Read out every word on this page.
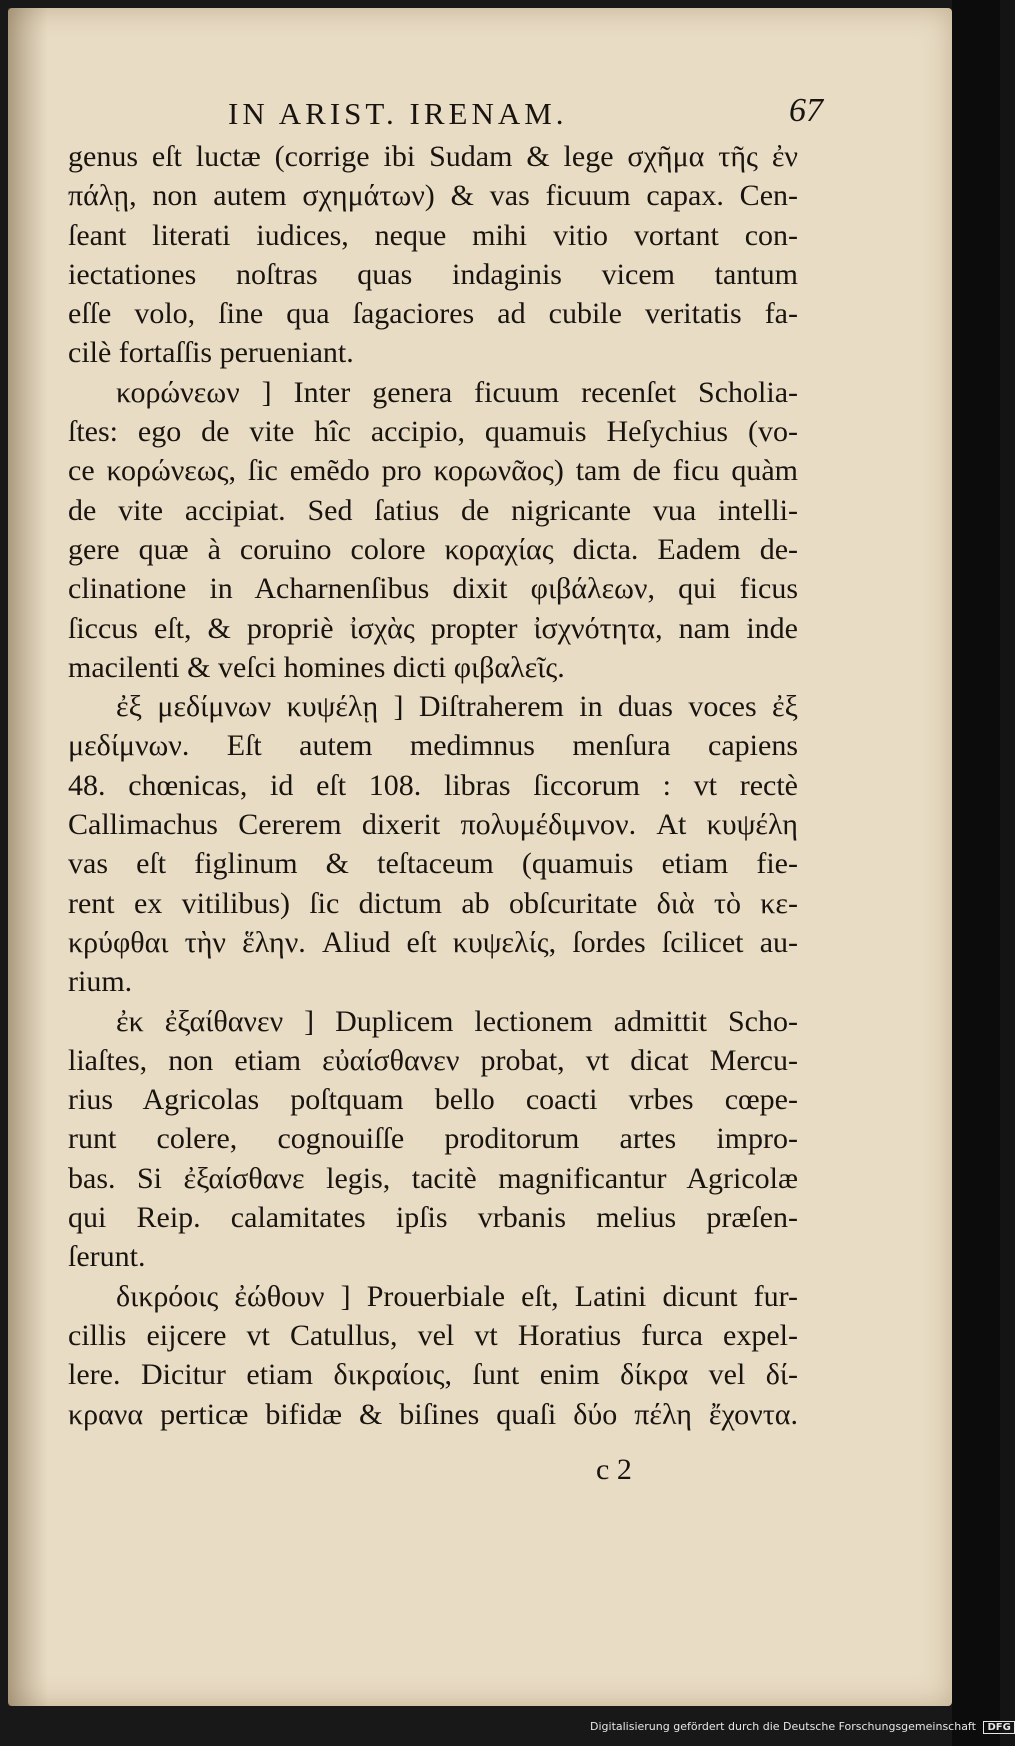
IN ARIST. IRENAM.	67
genus eſt luctæ (corrige ibi Sudam & lege σχῆμα τῆς ἐν
πάλῃ, non autem σχημάτων) & vas ficuum capax. Cen-
ſeant literati iudices, neque mihi vitio vortant con-
iectationes noſtras quas indaginis vicem tantum
eſſe volo, ſine qua ſagaciores ad cubile veritatis fa-
cilè fortaſſis perueniant.
κορώνεων ] Inter genera ficuum recenſet Scholia-
ſtes: ego de vite hîc accipio, quamuis Heſychius (vo-
ce κορώνεως, ſic emẽdo pro κορωνᾶος) tam de ficu quàm
de vite accipiat. Sed ſatius de nigricante vua intelli-
gere quæ à coruino colore κοραχίας dicta. Eadem de-
clinatione in Acharnenſibus dixit φιβάλεων, qui ficus
ſiccus eſt, & propriè ἰσχὰς propter ἰσχνότητα, nam inde
macilenti & veſci homines dicti φιβαλεῖς.
ἐξ μεδίμνων κυψέλῃ ] Diſtraherem in duas voces ἐξ
μεδίμνων. Eſt autem medimnus menſura capiens
48. chœnicas, id eſt 108. libras ſiccorum : vt rectè
Callimachus Cererem dixerit πολυμέδιμνον. At κυψέλη
vas eſt figlinum & teſtaceum (quamuis etiam fie-
rent ex vitilibus) ſic dictum ab obſcuritate διὰ τὸ κε-
κρύφθαι τὴν ἕλην. Aliud eſt κυψελίς, ſordes ſcilicet au-
rium.
ἐκ ἐξαίθανεν ] Duplicem lectionem admittit Scho-
liaſtes, non etiam εὐαίσθανεν probat, vt dicat Mercu-
rius Agricolas poſtquam bello coacti vrbes cœpe-
runt colere, cognouiſſe proditorum artes impro-
bas. Si ἐξαίσθανε legis, tacitè magnificantur Agricolæ
qui Reip. calamitates ipſis vrbanis melius præſen-
ſerunt.
δικρόοις ἐώθουν ] Prouerbiale eſt, Latini dicunt fur-
cillis eijcere vt Catullus, vel vt Horatius furca expel-
lere. Dicitur etiam δικραίοις, ſunt enim δίκρα vel δί-
κρανα perticæ bifidæ & biſines quaſi δύο πέλη ἔχοντα.
c 2
Digitalisierung gefördert durch die Deutsche Forschungsgemeinschaft DFG
